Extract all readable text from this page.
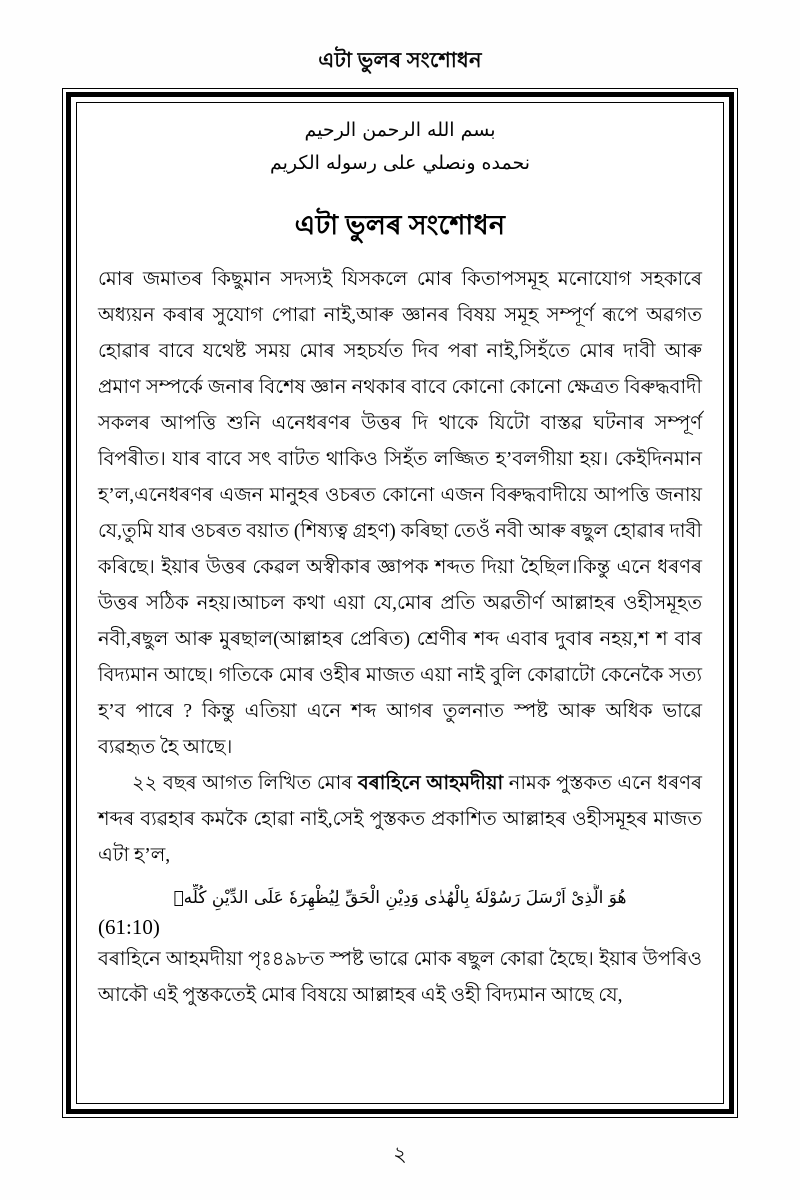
এটা ভুলৰ সংশোধন
بسم الله الرحمن الرحيم
نحمده ونصلي على رسوله الكريم
এটা ভুলৰ সংশোধন

মোৰ জমাতৰ কিছুমান সদস্যই যিসকলে মোৰ কিতাপসমূহ মনোযোগ সহকাৰে অধ্যয়ন কৰাৰ সুযোগ পোৱা নাই,আৰু জ্ঞানৰ বিষয় সমূহ সম্পূৰ্ণ ৰূপে অৱগত হোৱাৰ বাবে যথেষ্ট সময় মোৰ সহচৰ্যত দিব পৰা নাই,সিহঁতে মোৰ দাবী আৰু প্ৰমাণ সম্পৰ্কে জনাৰ বিশেষ জ্ঞান নথকাৰ বাবে কোনো কোনো ক্ষেত্ৰত বিৰুদ্ধবাদী সকলৰ আপত্তি শুনি এনেধৰণৰ উত্তৰ দি থাকে যিটো বাস্তৱ ঘটনাৰ সম্পূৰ্ণ বিপৰীত। যাৰ বাবে সৎ বাটত থাকিও সিহঁত লজ্জিত হ’বলগীয়া হয়। কেইদিনমান হ’ল,এনেধৰণৰ এজন মানুহৰ ওচৰত কোনো এজন বিৰুদ্ধবাদীয়ে আপত্তি জনায় যে,তুমি যাৰ ওচৰত বয়াত (শিষ্যত্ব গ্ৰহণ) কৰিছা তেওঁ নবী আৰু ৰছুল হোৱাৰ দাবী কৰিছে। ইয়াৰ উত্তৰ কেৱল অস্বীকাৰ জ্ঞাপক শব্দত দিয়া হৈছিল।কিন্তু এনে ধৰণৰ উত্তৰ সঠিক নহয়।আচল কথা এয়া যে,মোৰ প্ৰতি অৱতীৰ্ণ আল্লাহৰ ওহীসমূহত নবী,ৰছুল আৰু মুৰছাল(আল্লাহৰ প্ৰেৰিত) শ্ৰেণীৰ শব্দ এবাৰ দুবাৰ নহয়,শ শ বাৰ বিদ্যমান আছে। গতিকে মোৰ ওহীৰ মাজত এয়া নাই বুলি কোৱাটো কেনেকৈ সত্য হ’ব পাৰে ? কিন্তু এতিয়া এনে শব্দ আগৰ তুলনাত স্পষ্ট আৰু অধিক ভাৱে ব্যৱহৃত হৈ আছে।

২২ বছৰ আগত লিখিত মোৰ বৰাহিনে আহমদীয়া নামক পুস্তকত এনে ধৰণৰ শব্দৰ ব্যৱহাৰ কমকৈ হোৱা নাই,সেই পুস্তকত প্ৰকাশিত আল্লাহৰ ওহীসমূহৰ মাজত এটা হ’ল,

هُوَ الَّذِىْ اَرْسَلَ رَسُوْلَهٗ بِالْهُدٰى وَدِيْنِ الْحَقِّ لِيُظْهِرَهٗ عَلَى الدِّيْنِ كُلِّهٖ
(61:10)

বৰাহিনে আহমদীয়া পৃঃ৪৯৮ত স্পষ্ট ভাৱে মোক ৰছুল কোৱা হৈছে। ইয়াৰ উপৰিও আকৌ এই পুস্তকতেই মোৰ বিষয়ে আল্লাহৰ এই ওহী বিদ্যমান আছে যে,

২
